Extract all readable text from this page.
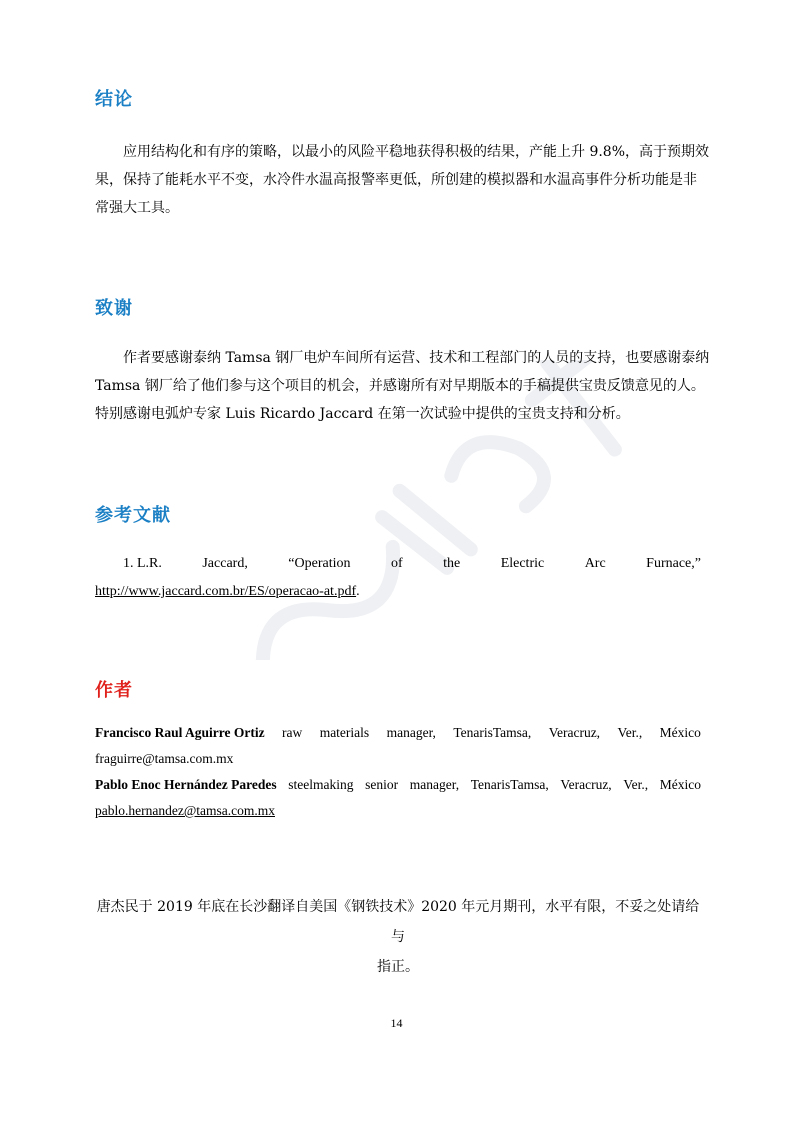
结论
应用结构化和有序的策略，以最小的风险平稳地获得积极的结果，产能上升 9.8%，高于预期效
果，保持了能耗水平不变，水冷件水温高报警率更低，所创建的模拟器和水温高事件分析功能是非
常强大工具。
致谢
作者要感谢泰纳 Tamsa 钢厂电炉车间所有运营、技术和工程部门的人员的支持，也要感谢泰纳
Tamsa 钢厂给了他们参与这个项目的机会，并感谢所有对早期版本的手稿提供宝贵反馈意见的人。
特别感谢电弧炉专家 Luis Ricardo Jaccard 在第一次试验中提供的宝贵支持和分析。
参考文献
1. L.R.	Jaccard,	“Operation	of	the	Electric	Arc	Furnace,”
http://www.jaccard.com.br/ES/operacao-at.pdf.
作者
Francisco Raul Aguirre Ortiz raw materials manager, TenarisTamsa, Veracruz, Ver., México
fraguirre@tamsa.com.mx
Pablo Enoc Hernández Paredes steelmaking senior manager, TenarisTamsa, Veracruz, Ver., México
pablo.hernandez@tamsa.com.mx
唐杰民于 2019 年底在长沙翻译自美国《钢铁技术》2020 年元月期刊，水平有限，不妥之处请给与
指正。
14
